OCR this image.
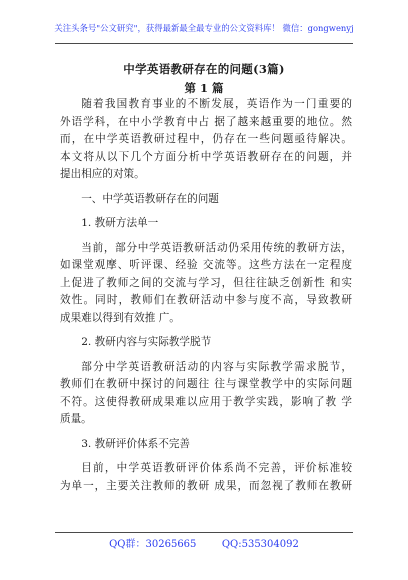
关注头条号"公文研究"，获得最新最全最专业的公文资料库！ 微信：gongwenyj
中学英语教研存在的问题(3篇)
第 1 篇

随着我国教育事业的不断发展，英语作为一门重要的

外语学科，在中小学教育中占 据了越来越重要的地位。然

而，在中学英语教研过程中，仍存在一些问题亟待解决。

本文将从以下几个方面分析中学英语教研存在的问题，并

提出相应的对策。

一、中学英语教研存在的问题

1. 教研方法单一

当前，部分中学英语教研活动仍采用传统的教研方法，

如课堂观摩、听评课、经验 交流等。这些方法在一定程度

上促进了教师之间的交流与学习，但往往缺乏创新性 和实

效性。同时，教师们在教研活动中参与度不高，导致教研

成果难以得到有效推 广。

2. 教研内容与实际教学脱节

部分中学英语教研活动的内容与实际教学需求脱节，

教师们在教研中探讨的问题往 往与课堂教学中的实际问题

不符。这使得教研成果难以应用于教学实践，影响了教 学

质量。

3. 教研评价体系不完善

目前，中学英语教研评价体系尚不完善，评价标准较

为单一，主要关注教师的教研 成果，而忽视了教师在教研

QQ群：30265665        QQ:535304092
